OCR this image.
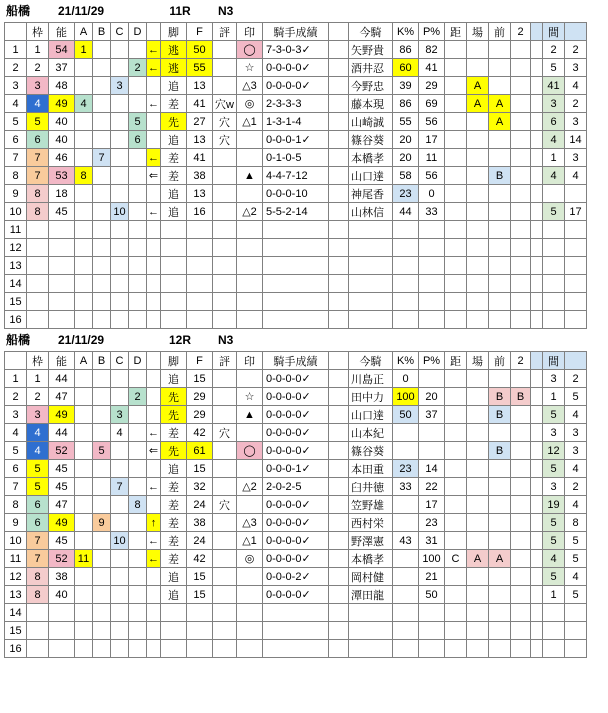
船橋	21/11/29	11R	N3
	枠	能	A	B	C	D		脚	F	評	印	騎手成績		今騎	K%	P%	距	場	前	2		間	
1	1	54	1				←	逃	50		◯	7-3-0-3✓		矢野貴	86	82						2	2
2	2	37				2	←	逃	55		☆	0-0-0-0✓		酒井忍	60	41						5	3
3	3	48			3			追	13		△3	0-0-0-0✓		今野忠	39	29		A				41	4
4	4	49	4				←	差	41	穴w	◎	2-3-3-3		藤本現	86	69		A	A			3	2
5	5	40				5		先	27	穴	△1	1-3-1-4		山崎誠	55	56			A			6	3
6	6	40				6		追	13	穴		0-0-0-1✓		篠谷葵	20	17						4	14
7	7	46		7			←	差	41			0-1-0-5		本橋孝	20	11						1	3
8	7	53	8				⇐	差	38		▲	4-4-7-12		山口達	58	56			B			4	4
9	8	18						追	13			0-0-0-10		神尾香	23	0							
10	8	45			10		←	追	16		△2	5-5-2-14		山林信	44	33						5	17
11																							
12																							
13																							
14																							
15																							
16																							
船橋	21/11/29	12R	N3
	枠	能	A	B	C	D		脚	F	評	印	騎手成績		今騎	K%	P%	距	場	前	2		間	
1	1	44						追	15			0-0-0-0✓		川島正	0							3	2
2	2	47				2		先	29		☆	0-0-0-0✓		田中力	100	20			B	B		1	5
3	3	49			3			先	29		▲	0-0-0-0✓		山口達	50	37			B			5	4
4	4	44			4		←	差	42	穴		0-0-0-0✓		山本紀								3	3
5	4	52		5			⇐	先	61		◯	0-0-0-0✓		篠谷葵					B			12	3
6	5	45						追	15			0-0-0-1✓		本田重	23	14						5	4
7	5	45			7		←	差	32		△2	2-0-2-5		臼井徳	33	22						3	2
8	6	47				8		差	24	穴		0-0-0-0✓		笠野雄		17						19	4
9	6	49		9			↑	差	38		△3	0-0-0-0✓		西村栄		23						5	8
10	7	45			10		←	差	24		△1	0-0-0-0✓		野澤憲	43	31						5	5
11	7	52	11				←	差	42		◎	0-0-0-0✓		本橋孝		100	C	A	A			4	5
12	8	38						追	15			0-0-0-2✓		岡村健		21						5	4
13	8	40						追	15			0-0-0-0✓		潭田龍		50						1	5
14																							
15																							
16																							
